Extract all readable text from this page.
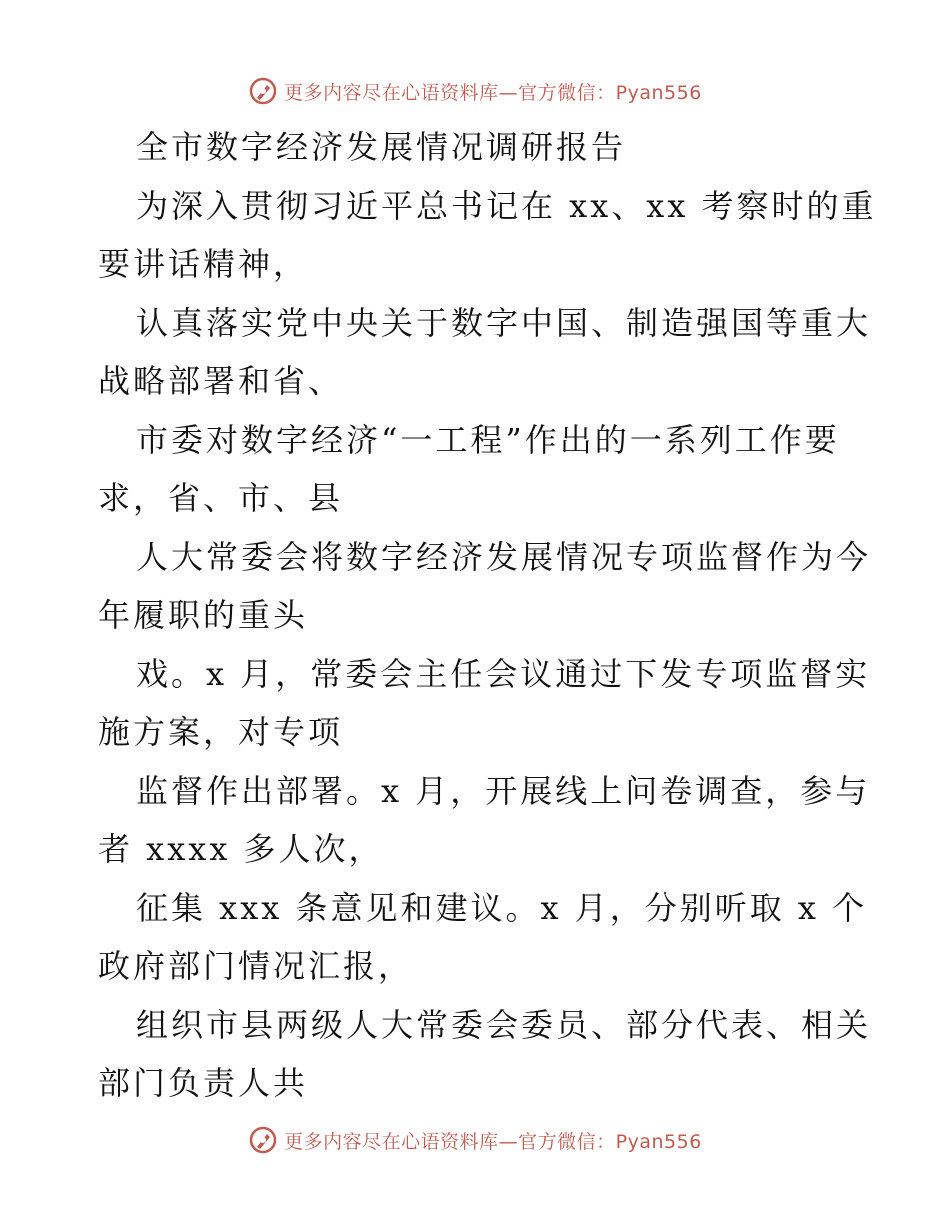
更多内容尽在心语资料库—官方微信：Pyan556
全市数字经济发展情况调研报告
为深入贯彻习近平总书记在 xx、xx 考察时的重
要讲话精神，
认真落实党中央关于数字中国、制造强国等重大
战略部署和省、
市委对数字经济“一工程”作出的一系列工作要
求，省、市、县
人大常委会将数字经济发展情况专项监督作为今
年履职的重头
戏。x 月，常委会主任会议通过下发专项监督实
施方案，对专项
监督作出部署。x 月，开展线上问卷调查，参与
者 xxxx 多人次，
征集 xxx 条意见和建议。x 月，分别听取 x 个
政府部门情况汇报，
组织市县两级人大常委会委员、部分代表、相关
部门负责人共
更多内容尽在心语资料库—官方微信：Pyan556
